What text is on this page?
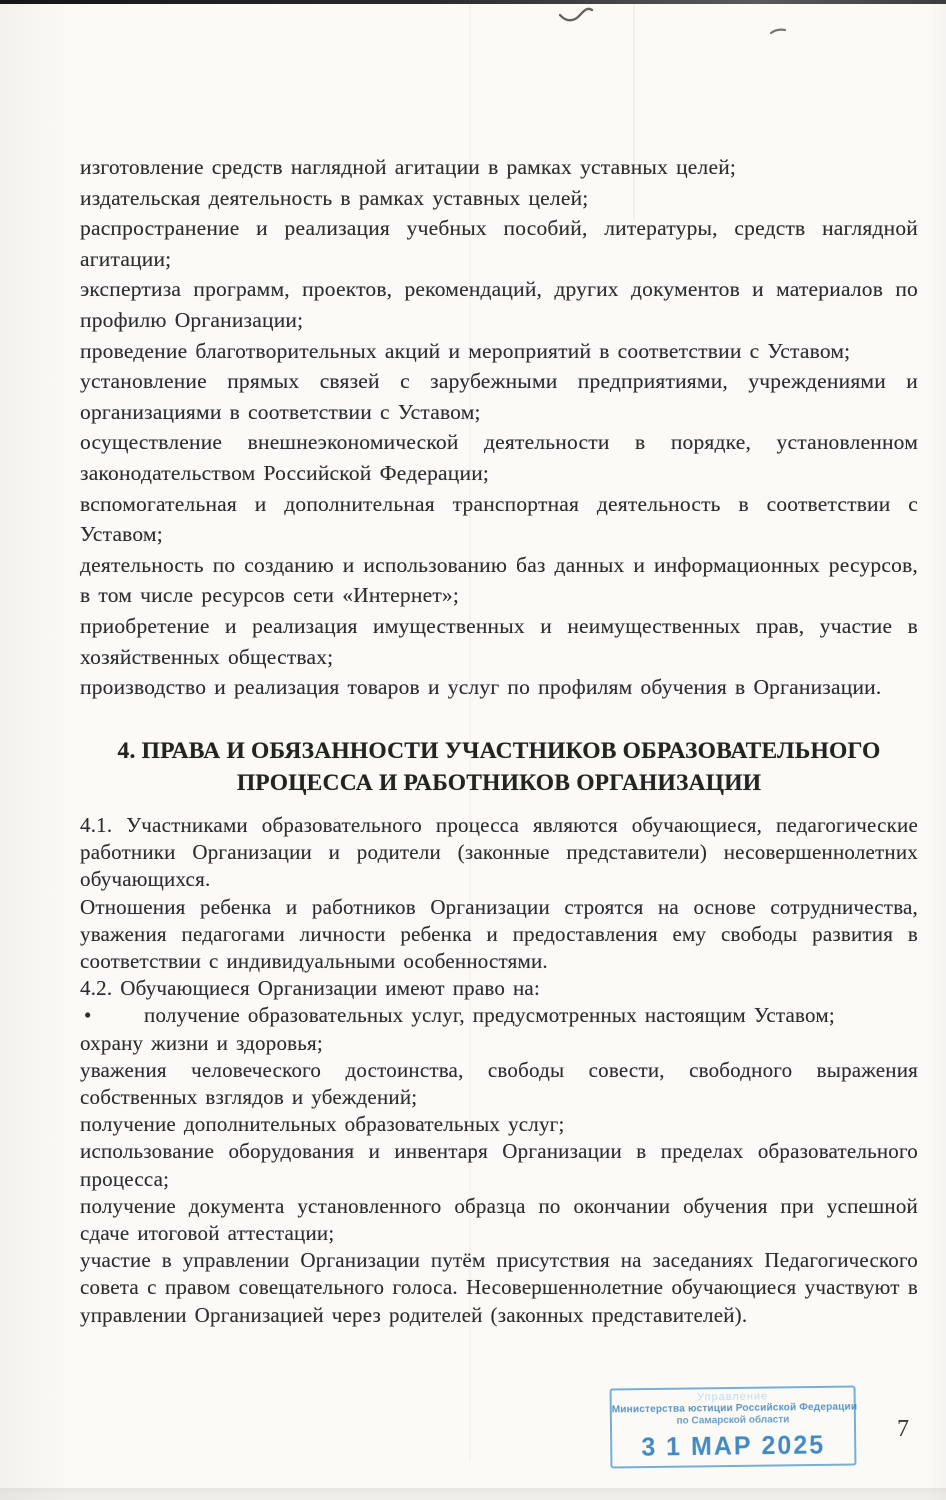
изготовление средств наглядной агитации в рамках уставных целей;

издательская деятельность в рамках уставных целей;

распространение и реализация учебных пособий, литературы, средств наглядной агитации;

экспертиза программ, проектов, рекомендаций, других документов и материалов по профилю Организации;

проведение благотворительных акций и мероприятий в соответствии с Уставом;

установление прямых связей с зарубежными предприятиями, учреждениями и организациями в соответствии с Уставом;

осуществление внешнеэкономической деятельности в порядке, установленном законодательством Российской Федерации;

вспомогательная и дополнительная транспортная деятельность в соответствии с Уставом;

деятельность по созданию и использованию баз данных и информационных ресурсов, в том числе ресурсов сети «Интернет»;

приобретение и реализация имущественных и неимущественных прав, участие в хозяйственных обществах;

производство и реализация товаров и услуг по профилям обучения в Организации.

4. ПРАВА И ОБЯЗАННОСТИ УЧАСТНИКОВ ОБРАЗОВАТЕЛЬНОГО
ПРОЦЕССА И РАБОТНИКОВ ОРГАНИЗАЦИИ

4.1. Участниками образовательного процесса являются обучающиеся, педагогические работники Организации и родители (законные представители) несовершеннолетних обучающихся.

Отношения ребенка и работников Организации строятся на основе сотрудничества, уважения педагогами личности ребенка и предоставления ему свободы развития в соответствии с индивидуальными особенностями.

4.2. Обучающиеся Организации имеют право на:

• получение образовательных услуг, предусмотренных настоящим Уставом;

охрану жизни и здоровья;

уважения человеческого достоинства, свободы совести, свободного выражения собственных взглядов и убеждений;

получение дополнительных образовательных услуг;

использование оборудования и инвентаря Организации в пределах образовательного процесса;

получение документа установленного образца по окончании обучения при успешной сдаче итоговой аттестации;

участие в управлении Организации путём присутствия на заседаниях Педагогического совета с правом совещательного голоса. Несовершеннолетние обучающиеся участвуют в управлении Организацией через родителей (законных представителей).

Управление
Министерства юстиции Российской Федерации
по Самарской области
3 1 МАР 2025
7
